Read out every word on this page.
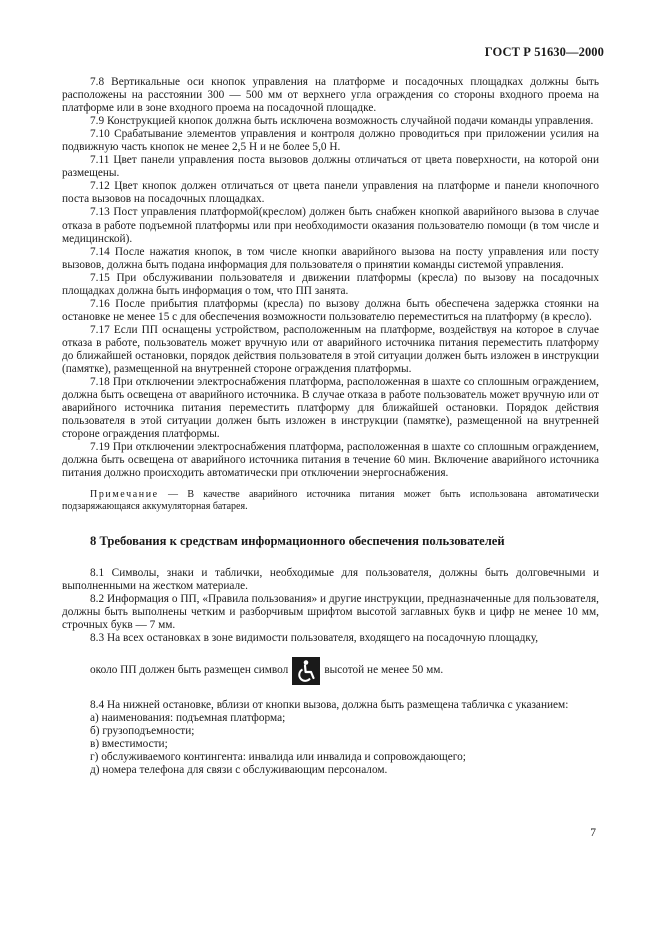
ГОСТ Р 51630—2000

7.8 Вертикальные оси кнопок управления на платформе и посадочных площадках должны быть расположены на расстоянии 300 — 500 мм от верхнего угла ограждения со стороны входного проема на платформе или в зоне входного проема на посадочной площадке.

7.9 Конструкцией кнопок должна быть исключена возможность случайной подачи команды управления.

7.10 Срабатывание элементов управления и контроля должно проводиться при приложении усилия на подвижную часть кнопок не менее 2,5 Н и не более 5,0 Н.

7.11 Цвет панели управления поста вызовов должны отличаться от цвета поверхности, на которой они размещены.

7.12 Цвет кнопок должен отличаться от цвета панели управления на платформе и панели кнопочного поста вызовов на посадочных площадках.

7.13 Пост управления платформой(креслом) должен быть снабжен кнопкой аварийного вызова в случае отказа в работе подъемной платформы или при необходимости оказания пользователю помощи (в том числе и медицинской).

7.14 После нажатия кнопок, в том числе кнопки аварийного вызова на посту управления или посту вызовов, должна быть подана информация для пользователя о принятии команды системой управления.

7.15 При обслуживании пользователя и движении платформы (кресла) по вызову на посадочных площадках должна быть информация о том, что ПП занята.

7.16 После прибытия платформы (кресла) по вызову должна быть обеспечена задержка стоянки на остановке не менее 15 с для обеспечения возможности пользователю переместиться на платформу (в кресло).

7.17 Если ПП оснащены устройством, расположенным на платформе, воздействуя на которое в случае отказа в работе, пользователь может вручную или от аварийного источника питания переместить платформу до ближайшей остановки, порядок действия пользователя в этой ситуации должен быть изложен в инструкции (памятке), размещенной на внутренней стороне ограждения платформы.

7.18 При отключении электроснабжения платформа, расположенная в шахте со сплошным ограждением, должна быть освещена от аварийного источника. В случае отказа в работе пользователь может вручную или от аварийного источника питания переместить платформу для ближайшей остановки. Порядок действия пользователя в этой ситуации должен быть изложен в инструкции (памятке), размещенной на внутренней стороне ограждения платформы.

7.19 При отключении электроснабжения платформа, расположенная в шахте со сплошным ограждением, должна быть освещена от аварийного источника питания в течение 60 мин. Включение аварийного источника питания должно происходить автоматически при отключении энергоснабжения.

Примечание — В качестве аварийного источника питания может быть использована автоматически подзаряжающаяся аккумуляторная батарея.

8 Требования к средствам информационного обеспечения пользователей

8.1 Символы, знаки и таблички, необходимые для пользователя, должны быть долговечными и выполненными на жестком материале.

8.2 Информация о ПП, «Правила пользования» и другие инструкции, предназначенные для пользователя, должны быть выполнены четким и разборчивым шрифтом высотой заглавных букв и цифр не менее 10 мм, строчных букв — 7 мм.

8.3 На всех остановках в зоне видимости пользователя, входящего на посадочную площадку,

около ПП должен быть размещен символ	высотой не менее 50 мм.

8.4 На нижней остановке, вблизи от кнопки вызова, должна быть размещена табличка с указанием:

а) наименования: подъемная платформа;
б) грузоподъемности;
в) вместимости;
г) обслуживаемого контингента: инвалида или инвалида и сопровождающего;
д) номера телефона для связи с обслуживающим персоналом.
7
